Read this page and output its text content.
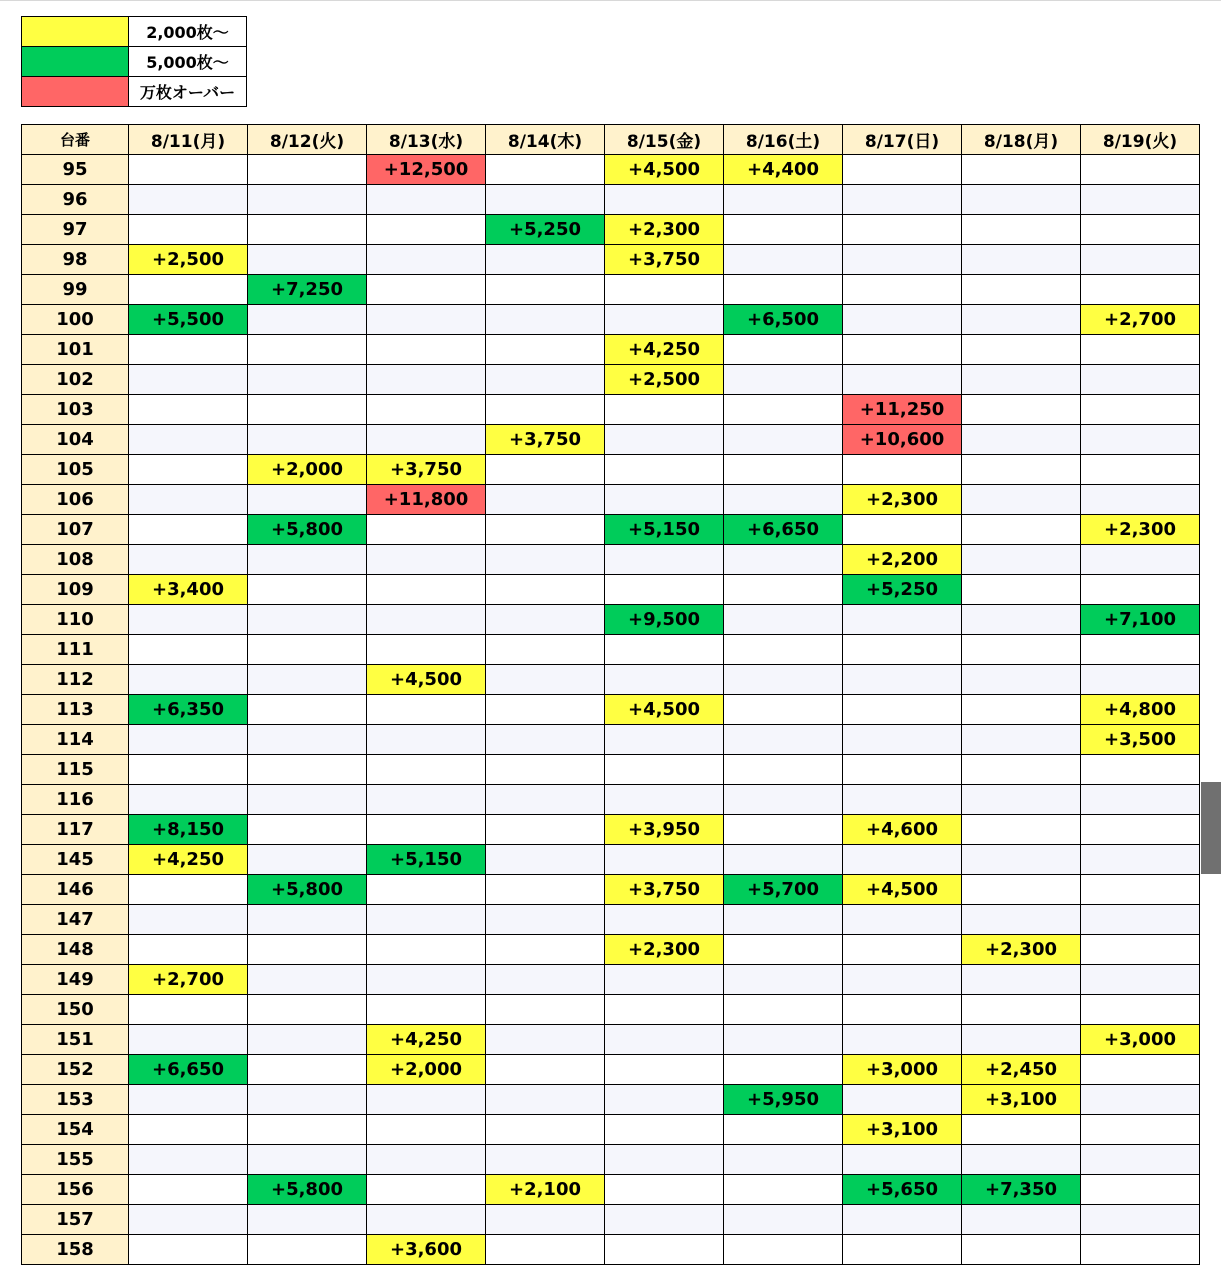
	2,000枚～
	5,000枚～
	万枚オーバー
台番	8/11(月)	8/12(火)	8/13(水)	8/14(木)	8/15(金)	8/16(土)	8/17(日)	8/18(月)	8/19(火)
95			+12,500		+4,500	+4,400			
96									
97				+5,250	+2,300				
98	+2,500				+3,750				
99		+7,250							
100	+5,500					+6,500			+2,700
101					+4,250				
102					+2,500				
103							+11,250		
104				+3,750			+10,600		
105		+2,000	+3,750						
106			+11,800				+2,300		
107		+5,800			+5,150	+6,650			+2,300
108							+2,200		
109	+3,400						+5,250		
110					+9,500				+7,100
111									
112			+4,500						
113	+6,350				+4,500				+4,800
114									+3,500
115									
116									
117	+8,150				+3,950		+4,600		
145	+4,250		+5,150						
146		+5,800			+3,750	+5,700	+4,500		
147									
148					+2,300			+2,300	
149	+2,700								
150									
151			+4,250						+3,000
152	+6,650		+2,000				+3,000	+2,450	
153						+5,950		+3,100	
154							+3,100		
155									
156		+5,800		+2,100			+5,650	+7,350	
157									
158			+3,600						
